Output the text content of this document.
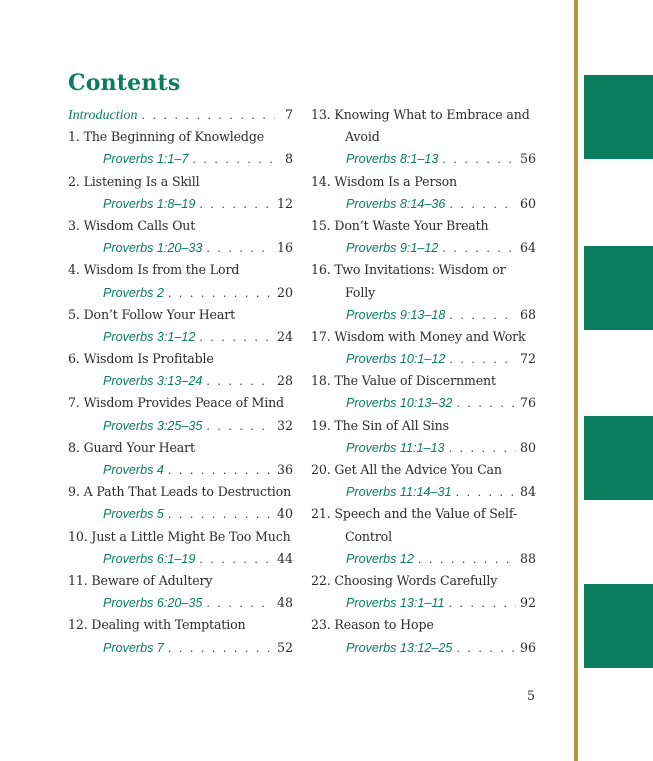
Contents
Introduction . . .	7
1. The Beginning of Knowledge
Proverbs 1:1–7 . . .	8
2. Listening Is a Skill
Proverbs 1:8–19 . . .	12
3. Wisdom Calls Out
Proverbs 1:20–33 . . .	16
4. Wisdom Is from the Lord
Proverbs 2 . . .	20
5. Don’t Follow Your Heart
Proverbs 3:1–12 . . .	24
6. Wisdom Is Profitable
Proverbs 3:13–24 . . .	28
7. Wisdom Provides Peace of Mind
Proverbs 3:25–35 . . .	32
8. Guard Your Heart
Proverbs 4 . . .	36
9. A Path That Leads to Destruction
Proverbs 5 . . .	40
10. Just a Little Might Be Too Much
Proverbs 6:1–19 . . .	44
11. Beware of Adultery
Proverbs 6:20–35 . . .	48
12. Dealing with Temptation
Proverbs 7 . . .	52
13. Knowing What to Embrace and
Avoid
Proverbs 8:1–13 . . .	56
14. Wisdom Is a Person
Proverbs 8:14–36 . . .	60
15. Don’t Waste Your Breath
Proverbs 9:1–12 . . .	64
16. Two Invitations: Wisdom or
Folly
Proverbs 9:13–18 . . .	68
17. Wisdom with Money and Work
Proverbs 10:1–12 . . .	72
18. The Value of Discernment
Proverbs 10:13–32 . . .	76
19. The Sin of All Sins
Proverbs 11:1–13 . . .	80
20. Get All the Advice You Can
Proverbs 11:14–31 . . .	84
21. Speech and the Value of Self-
Control
Proverbs 12 . . .	88
22. Choosing Words Carefully
Proverbs 13:1–11 . . .	92
23. Reason to Hope
Proverbs 13:12–25 . . .	96
5
